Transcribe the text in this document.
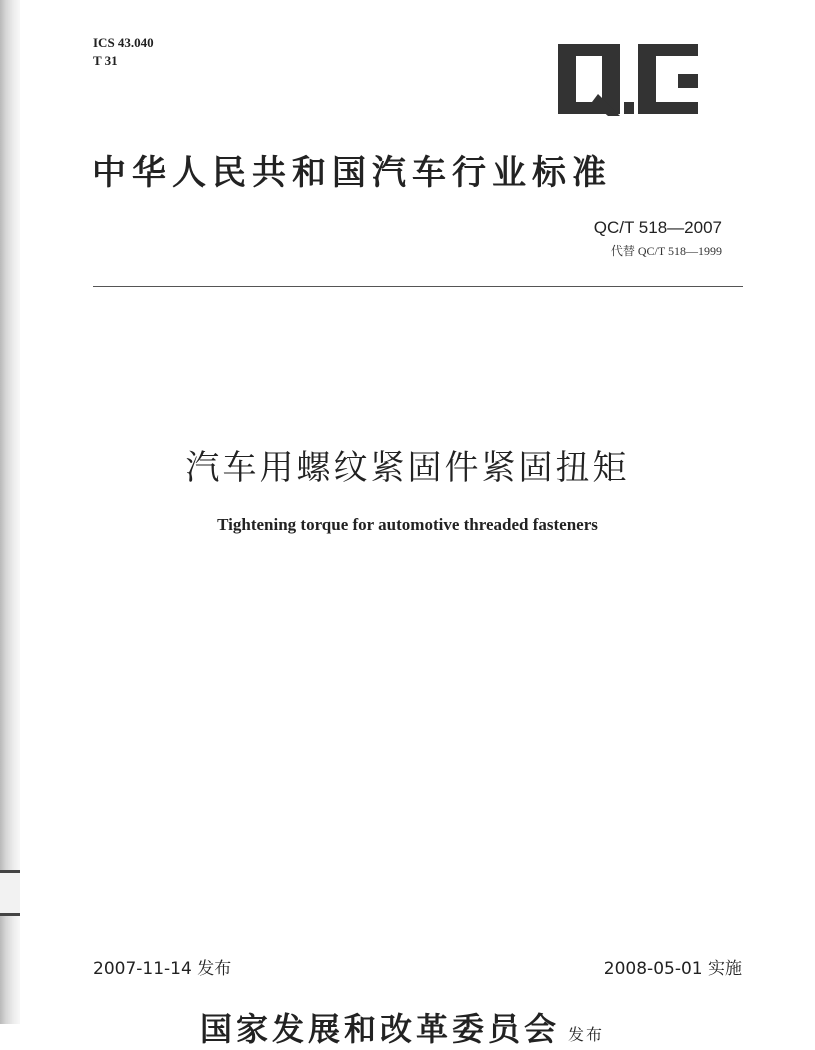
ICS 43.040
T 31
中华人民共和国汽车行业标准
QC/T 518—2007
代替 QC/T 518—1999
汽车用螺纹紧固件紧固扭矩
Tightening torque for automotive threaded fasteners
2007-11-14 发布	2008-05-01 实施
国家发展和改革委员会 发布
